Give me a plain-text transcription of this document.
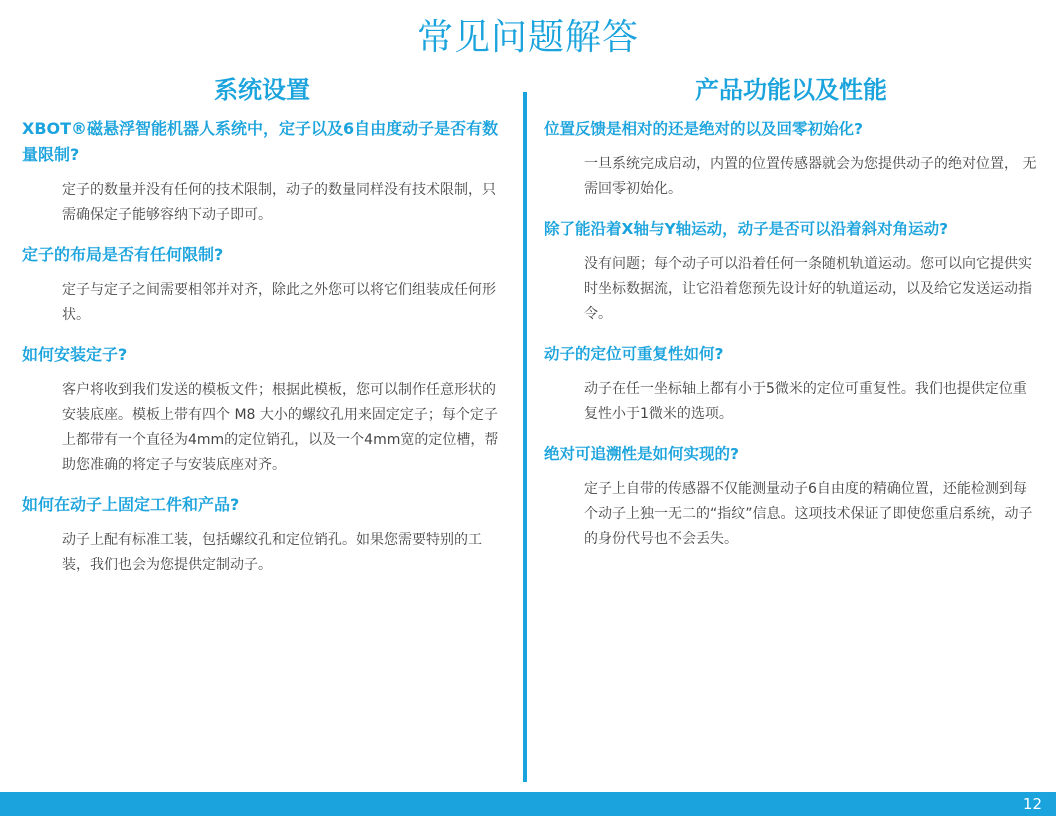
常见问题解答
系统设置
XBOT®磁悬浮智能机器人系统中，定子以及6自由度动子是否有数量限制?
定子的数量并没有任何的技术限制，动子的数量同样没有技术限制，只需确保定子能够容纳下动子即可。
定子的布局是否有任何限制?
定子与定子之间需要相邻并对齐，除此之外您可以将它们组装成任何形状。
如何安装定子?
客户将收到我们发送的模板文件；根据此模板，您可以制作任意形状的安装底座。模板上带有四个 M8 大小的螺纹孔用来固定定子；每个定子上都带有一个直径为4mm的定位销孔，以及一个4mm宽的定位槽，帮助您准确的将定子与安装底座对齐。
如何在动子上固定工件和产品?
动子上配有标准工装，包括螺纹孔和定位销孔。如果您需要特别的工装，我们也会为您提供定制动子。
产品功能以及性能
位置反馈是相对的还是绝对的以及回零初始化?
一旦系统完成启动，内置的位置传感器就会为您提供动子的绝对位置， 无需回零初始化。
除了能沿着X轴与Y轴运动，动子是否可以沿着斜对角运动?
没有问题；每个动子可以沿着任何一条随机轨道运动。您可以向它提供实时坐标数据流，让它沿着您预先设计好的轨道运动，以及给它发送运动指令。
动子的定位可重复性如何?
动子在任一坐标轴上都有小于5微米的定位可重复性。我们也提供定位重复性小于1微米的选项。
绝对可追溯性是如何实现的?
定子上自带的传感器不仅能测量动子6自由度的精确位置，还能检测到每个动子上独一无二的“指纹”信息。这项技术保证了即使您重启系统，动子的身份代号也不会丢失。
12
